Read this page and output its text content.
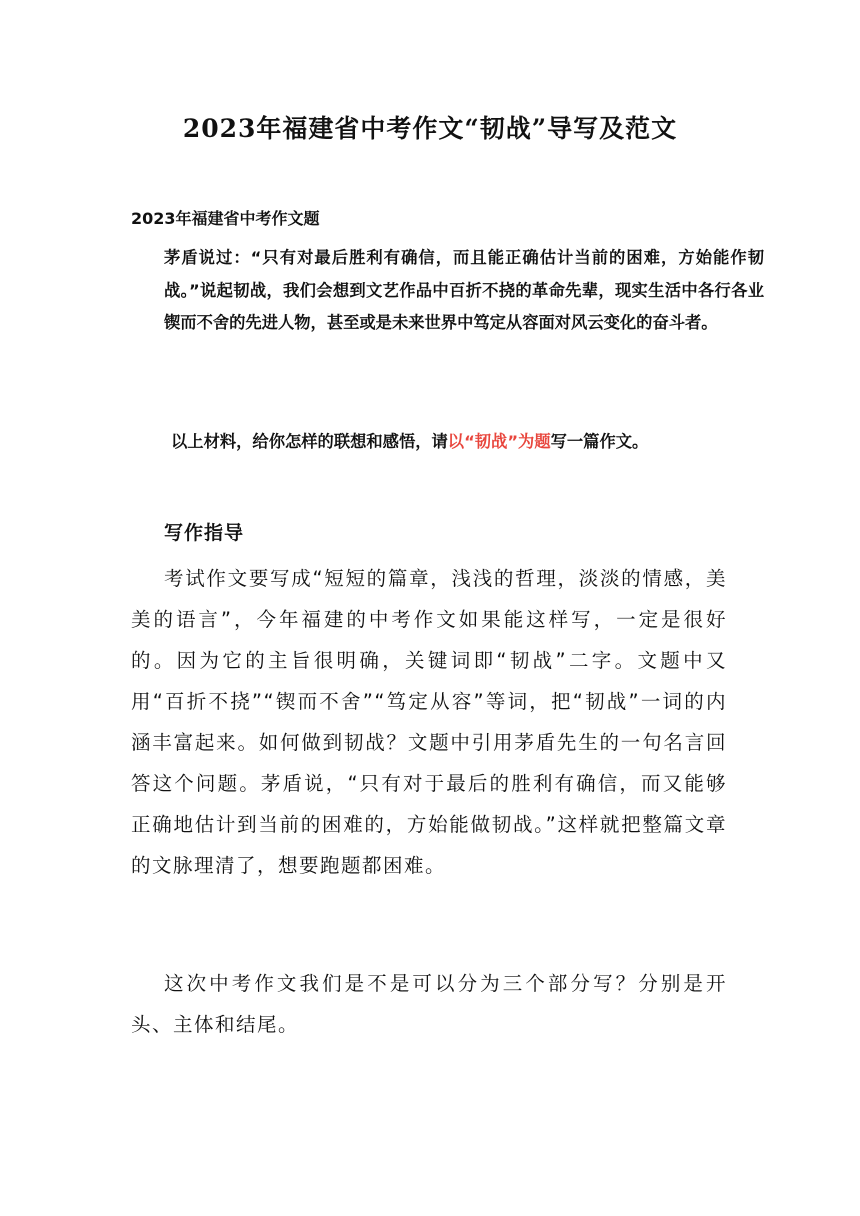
2023年福建省中考作文“韧战”导写及范文
2023年福建省中考作文题

茅盾说过：“只有对最后胜利有确信，而且能正确估计当前的困难，方始能作韧战。”说起韧战，我们会想到文艺作品中百折不挠的革命先辈，现实生活中各行各业锲而不舍的先进人物，甚至或是未来世界中笃定从容面对风云变化的奋斗者。

以上材料，给你怎样的联想和感悟，请以“韧战”为题写一篇作文。

写作指导

考试作文要写成“短短的篇章，浅浅的哲理，淡淡的情感，美美的语言”，今年福建的中考作文如果能这样写，一定是很好的。因为它的主旨很明确，关键词即“韧战”二字。文题中又用“百折不挠”“锲而不舍”“笃定从容”等词，把“韧战”一词的内涵丰富起来。如何做到韧战？文题中引用茅盾先生的一句名言回答这个问题。茅盾说，“只有对于最后的胜利有确信，而又能够正确地估计到当前的困难的，方始能做韧战。”这样就把整篇文章的文脉理清了，想要跑题都困难。

这次中考作文我们是不是可以分为三个部分写？分别是开头、主体和结尾。
